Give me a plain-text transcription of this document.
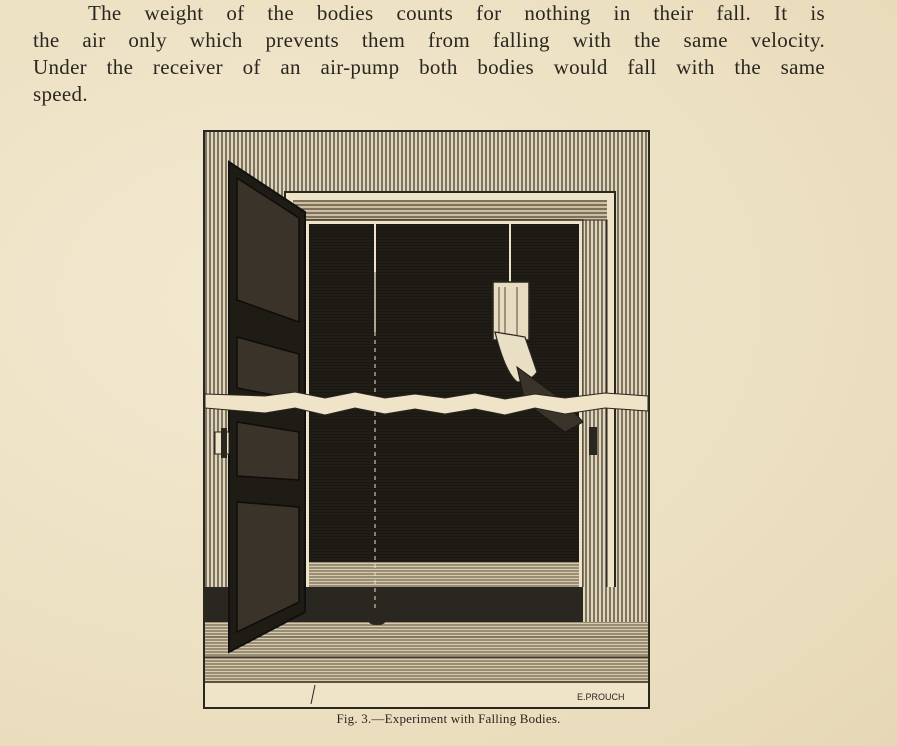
The weight of the bodies counts for nothing in their fall. It is
the air only which prevents them from falling with the same velocity.
Under the receiver of an air-pump both bodies would fall with the same
speed.
E.PROUCH
Fig. 3.—Experiment with Falling Bodies.
